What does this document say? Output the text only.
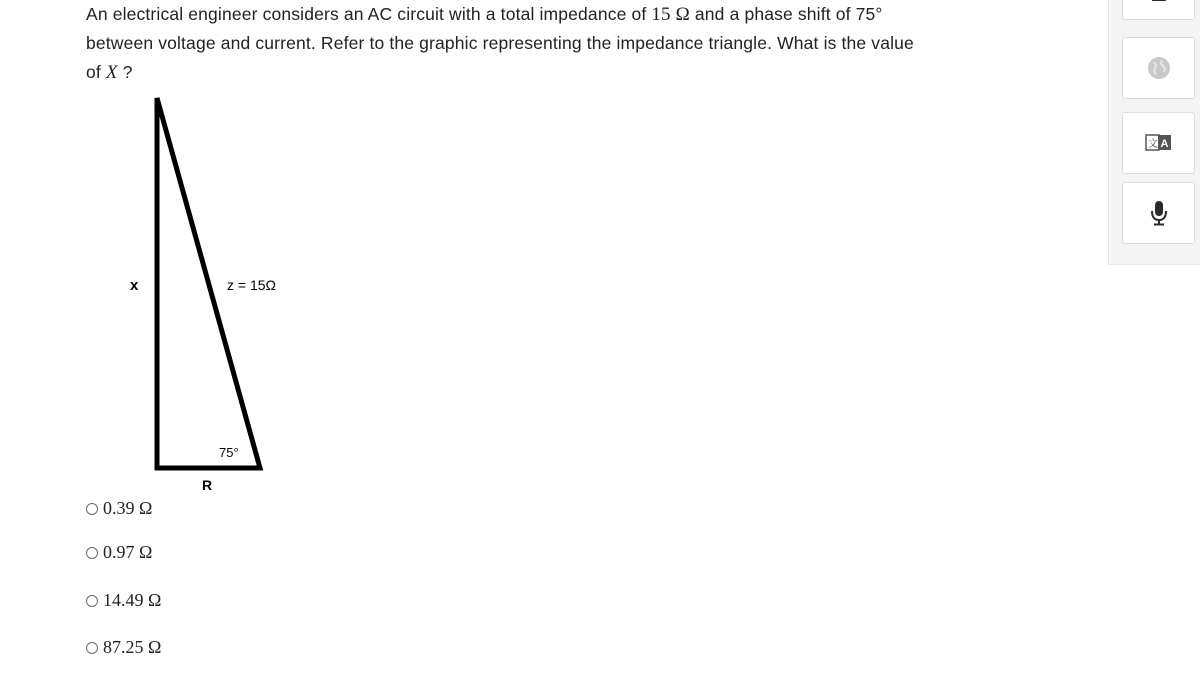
An electrical engineer considers an AC circuit with a total impedance of 15 Ω and a phase shift of 75°
between voltage and current. Refer to the graphic representing the impedance triangle. What is the value
of X ?
x	z = 15Ω
75°
R
0.39 Ω
0.97 Ω
14.49 Ω
87.25 Ω
文 A
